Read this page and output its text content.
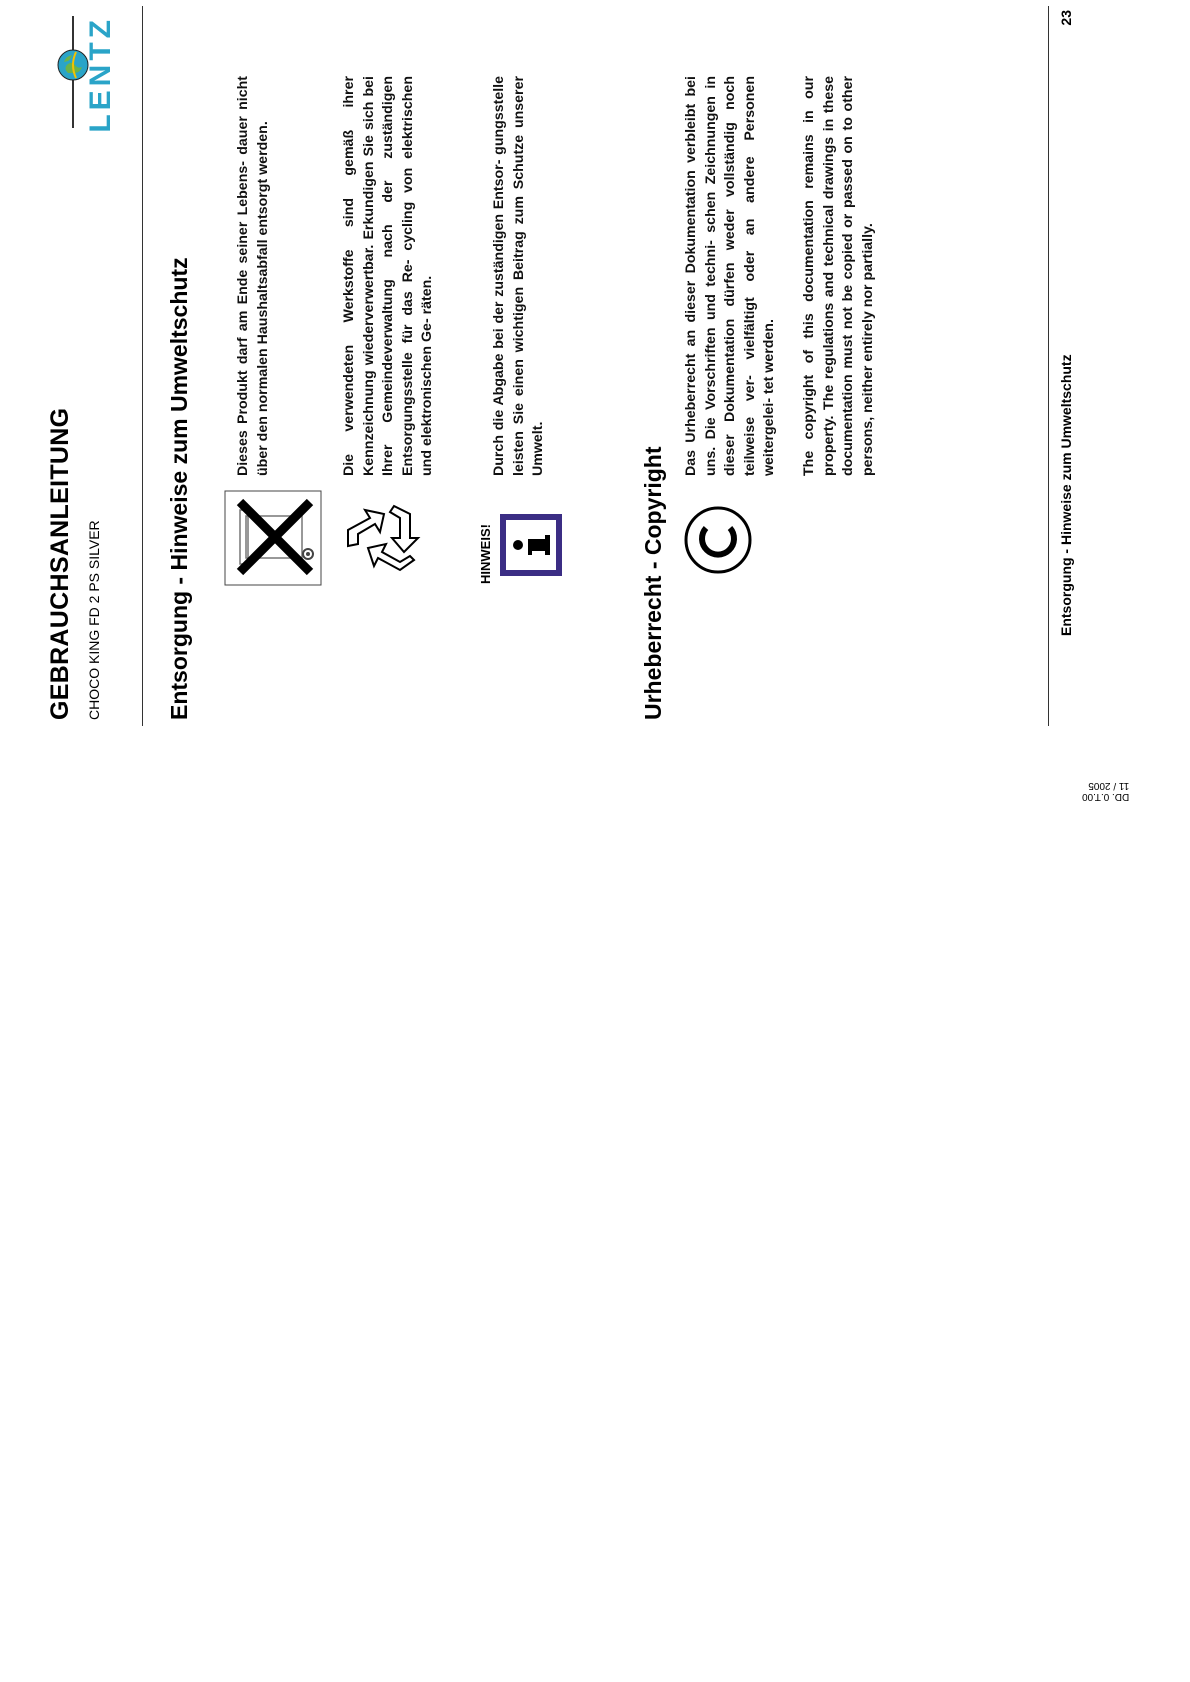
GEBRAUCHSANLEITUNG CHOCO KING FD 2 PS SILVER
LENTZ
Entsorgung - Hinweise zum Umweltschutz	HINWEIS!
Dieses Produkt darf am Ende seiner Lebens- dauer nicht über den normalen Haushaltsabfall entsorgt werden.	Die verwendeten Werkstoffe sind gemäß ihrer Kennzeichnung wiederverwertbar. Erkundigen Sie sich bei Ihrer Gemeindeverwaltung nach der zuständigen Entsorgungsstelle für das Re- cycling von elektrischen und elektronischen Ge- räten.	Durch die Abgabe bei der zuständigen Entsor- gungsstelle leisten Sie einen wichtigen Beitrag zum Schutze unserer Umwelt.	Urheberrecht - Copyright
Das Urheberrecht an dieser Dokumentation verbleibt bei uns. Die Vorschriften und techni- schen Zeichnungen in dieser Dokumentation dürfen weder vollständig noch teilweise ver- vielfältigt oder an andere Personen weitergelei- tet werden. The copyright of this documentation remains in our property. The regulations and technical drawings in these documentation must not be copied or passed on to other persons, neither entirely nor partially.
Entsorgung - Hinweise zum Umweltschutz
23
DD. 0.T.00
11 / 2005
